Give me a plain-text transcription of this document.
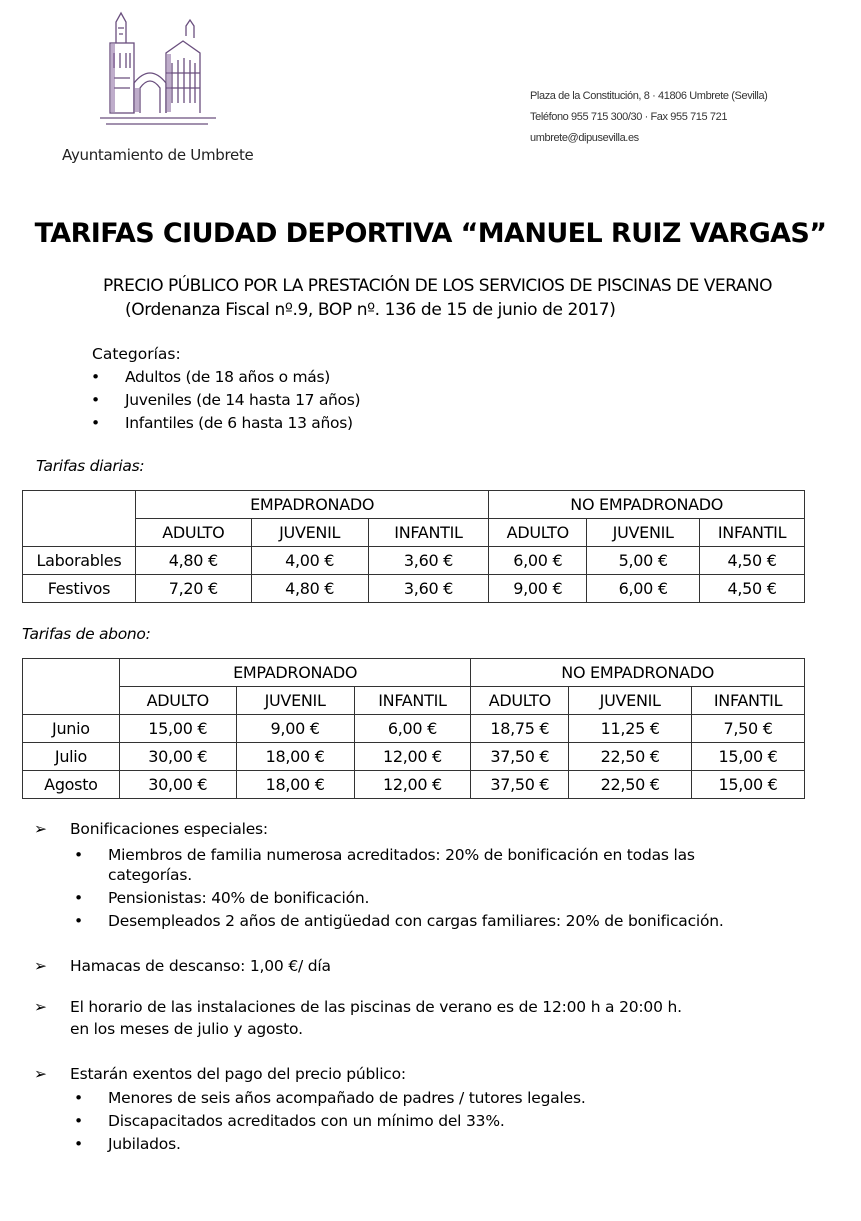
Ayuntamiento de Umbrete
Plaza de la Constitución, 8 · 41806 Umbrete (Sevilla)
Teléfono 955 715 300/30 · Fax 955 715 721
umbrete@dipusevilla.es
TARIFAS CIUDAD DEPORTIVA “MANUEL RUIZ VARGAS”
PRECIO PÚBLICO POR LA PRESTACIÓN DE LOS SERVICIOS DE PISCINAS DE VERANO
(Ordenanza Fiscal nº.9, BOP nº. 136 de 15 de junio de 2017)
Categorías:
• Adultos (de 18 años o más)
• Juveniles (de 14 hasta 17 años)
• Infantiles (de 6 hasta 13 años)
Tarifas diarias:
	EMPADRONADO			NO EMPADRONADO		
	ADULTO	JUVENIL	INFANTIL	ADULTO	JUVENIL	INFANTIL
Laborables	4,80 €	4,00 €	3,60 €	6,00 €	5,00 €	4,50 €
Festivos	7,20 €	4,80 €	3,60 €	9,00 €	6,00 €	4,50 €
Tarifas de abono:
	EMPADRONADO			NO EMPADRONADO		
	ADULTO	JUVENIL	INFANTIL	ADULTO	JUVENIL	INFANTIL
Junio	15,00 €	9,00 €	6,00 €	18,75 €	11,25 €	7,50 €
Julio	30,00 €	18,00 €	12,00 €	37,50 €	22,50 €	15,00 €
Agosto	30,00 €	18,00 €	12,00 €	37,50 €	22,50 €	15,00 €
➢ Bonificaciones especiales:
• Miembros de familia numerosa acreditados: 20% de bonificación en todas las
categorías.
• Pensionistas: 40% de bonificación.
• Desempleados 2 años de antigüedad con cargas familiares: 20% de bonificación.
➢ Hamacas de descanso: 1,00 €/ día
➢ El horario de las instalaciones de las piscinas de verano es de 12:00 h a 20:00 h.
en los meses de julio y agosto.
➢ Estarán exentos del pago del precio público:
• Menores de seis años acompañado de padres / tutores legales.
• Discapacitados acreditados con un mínimo del 33%.
• Jubilados.
